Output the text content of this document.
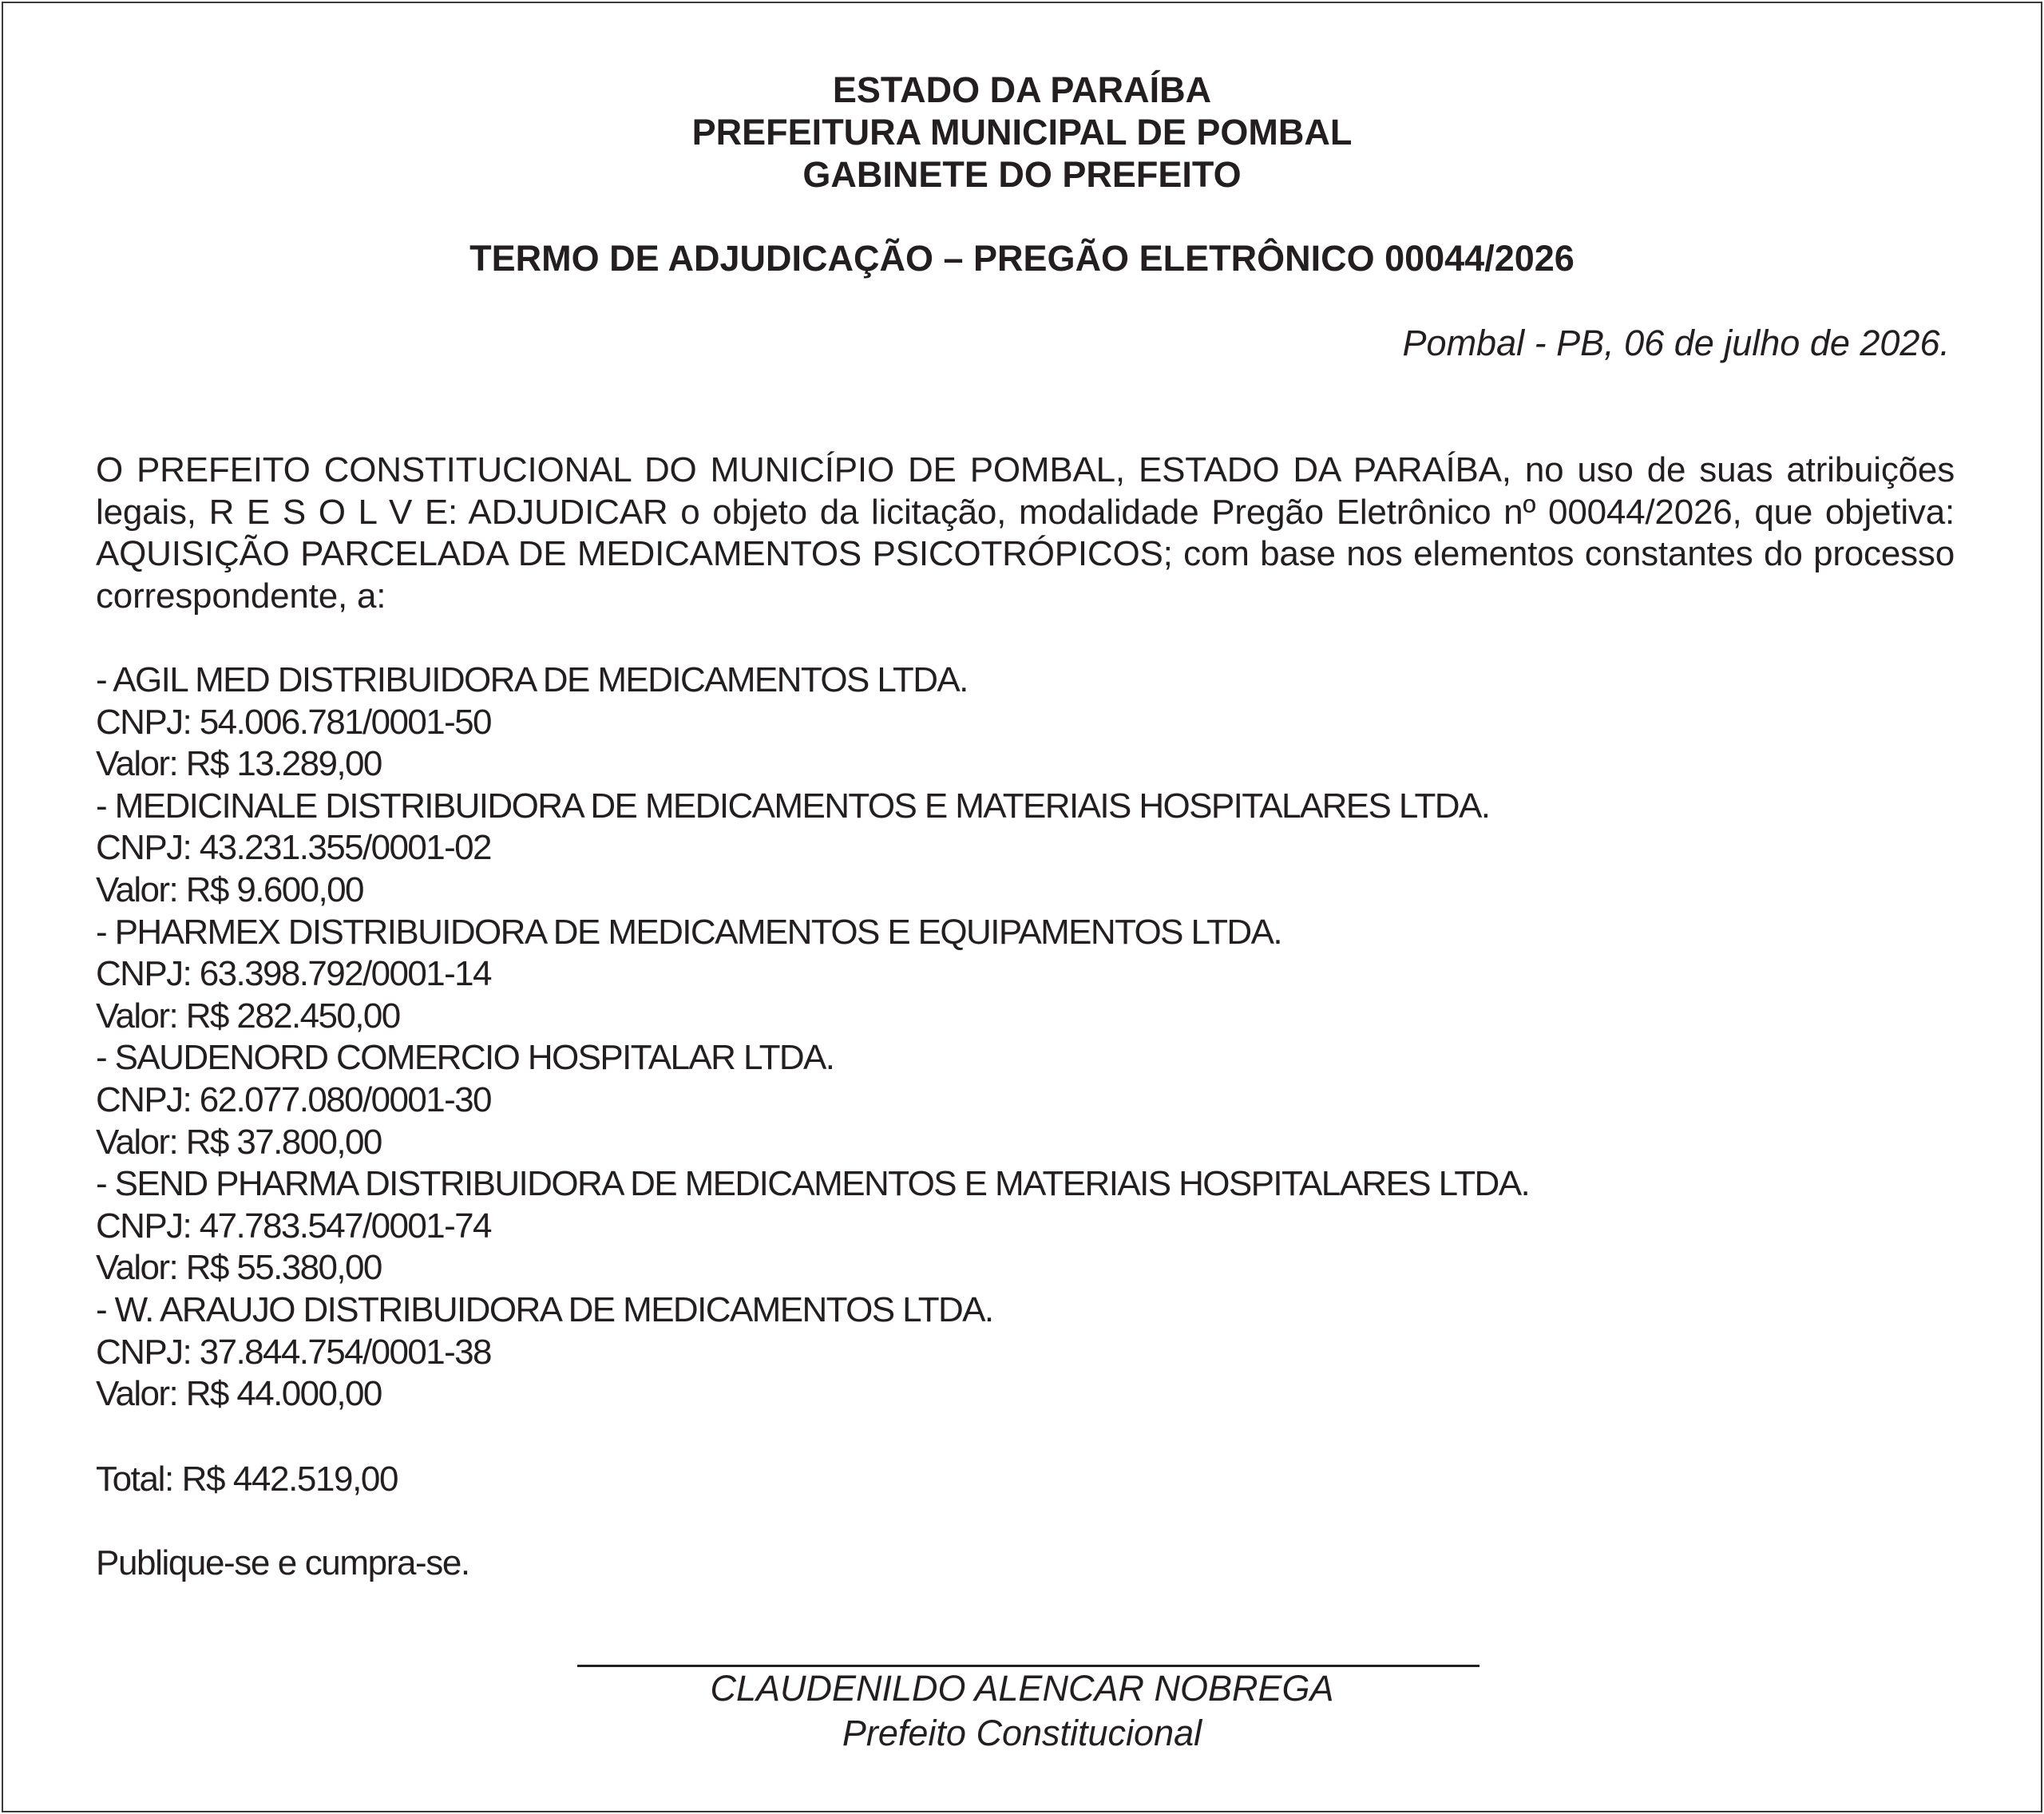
ESTADO DA PARAÍBA
PREFEITURA MUNICIPAL DE POMBAL
GABINETE DO PREFEITO
TERMO DE ADJUDICAÇÃO – PREGÃO ELETRÔNICO 00044/2026
Pombal - PB, 06 de julho de 2026.
O PREFEITO CONSTITUCIONAL DO MUNICÍPIO DE POMBAL, ESTADO DA PARAÍBA, no uso de suas atribuições legais, R E S O L V E: ADJUDICAR o objeto da licitação, modalidade Pregão Eletrônico nº 00044/2026, que objetiva: AQUISIÇÃO PARCELADA DE MEDICAMENTOS PSICOTRÓPICOS; com base nos elementos constantes do processo correspondente, a:
- AGIL MED DISTRIBUIDORA DE MEDICAMENTOS LTDA.
CNPJ: 54.006.781/0001-50
Valor: R$ 13.289,00
- MEDICINALE DISTRIBUIDORA DE MEDICAMENTOS E MATERIAIS HOSPITALARES LTDA.
CNPJ: 43.231.355/0001-02
Valor: R$ 9.600,00
- PHARMEX DISTRIBUIDORA DE MEDICAMENTOS E EQUIPAMENTOS LTDA.
CNPJ: 63.398.792/0001-14
Valor: R$ 282.450,00
- SAUDENORD COMERCIO HOSPITALAR LTDA.
CNPJ: 62.077.080/0001-30
Valor: R$ 37.800,00
- SEND PHARMA DISTRIBUIDORA DE MEDICAMENTOS E MATERIAIS HOSPITALARES LTDA.
CNPJ: 47.783.547/0001-74
Valor: R$ 55.380,00
- W. ARAUJO DISTRIBUIDORA DE MEDICAMENTOS LTDA.
CNPJ: 37.844.754/0001-38
Valor: R$ 44.000,00
Total: R$ 442.519,00
Publique-se e cumpra-se.
CLAUDENILDO ALENCAR NOBREGA
Prefeito Constitucional
